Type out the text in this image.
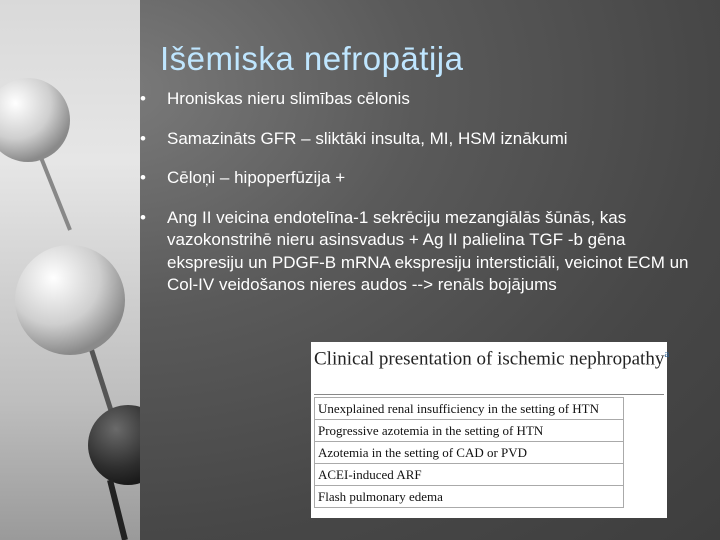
Išēmiska nefropātija
• Hroniskas nieru slimības cēlonis
• Samazināts GFR – sliktāki insulta, MI, HSM iznākumi
• Cēloņi – hipoperfūzija +
• Ang II veicina endotelīna-1 sekrēciju mezangiālās šūnās, kas vazokonstrihē nieru asinsvadus + Ag II palielina TGF -b gēna ekspresiju un PDGF-B mRNA ekspresiju intersticiāli, veicinot ECM un Col-IV veidošanos nieres audos --> renāls bojājums
Clinical presentation of ischemic nephropathy$^a$
Unexplained renal insufficiency in the setting of HTN
Progressive azotemia in the setting of HTN
Azotemia in the setting of CAD or PVD
ACEI-induced ARF
Flash pulmonary edema
